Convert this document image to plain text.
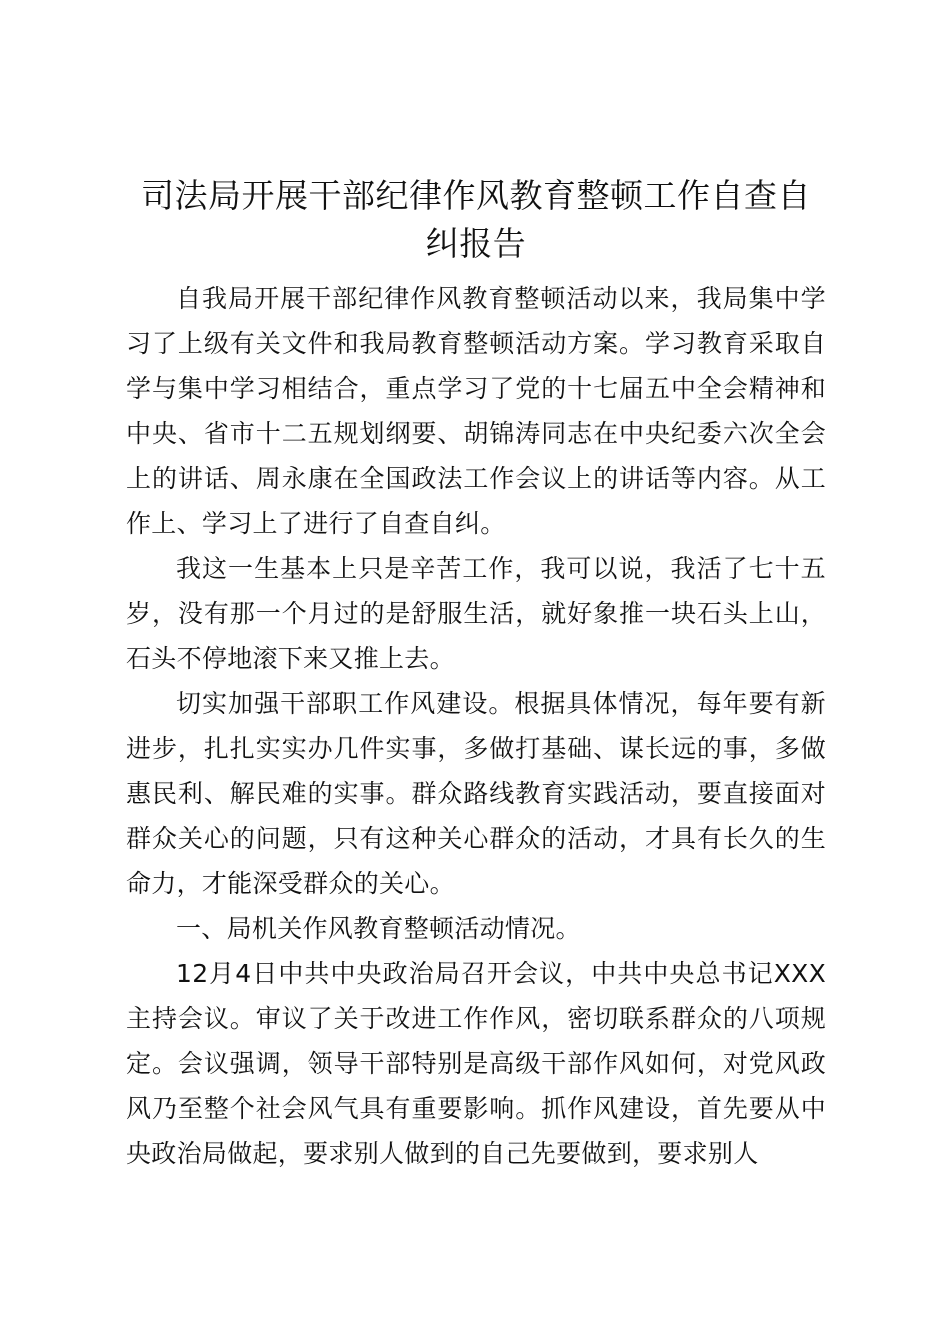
司法局开展干部纪律作风教育整顿工作自查自纠报告

自我局开展干部纪律作风教育整顿活动以来，我局集中学习了上级有关文件和我局教育整顿活动方案。学习教育采取自学与集中学习相结合，重点学习了党的十七届五中全会精神和中央、省市十二五规划纲要、胡锦涛同志在中央纪委六次全会上的讲话、周永康在全国政法工作会议上的讲话等内容。从工作上、学习上了进行了自查自纠。

我这一生基本上只是辛苦工作，我可以说，我活了七十五岁，没有那一个月过的是舒服生活，就好象推一块石头上山，石头不停地滚下来又推上去。

切实加强干部职工作风建设。根据具体情况，每年要有新进步，扎扎实实办几件实事，多做打基础、谋长远的事，多做惠民利、解民难的实事。群众路线教育实践活动，要直接面对群众关心的问题，只有这种关心群众的活动，才具有长久的生命力，才能深受群众的关心。

一、局机关作风教育整顿活动情况。

12月4日中共中央政治局召开会议，中共中央总书记XXX主持会议。审议了关于改进工作作风，密切联系群众的八项规定。会议强调，领导干部特别是高级干部作风如何，对党风政风乃至整个社会风气具有重要影响。抓作风建设，首先要从中央政治局做起，要求别人做到的自己先要做到，要求别人
